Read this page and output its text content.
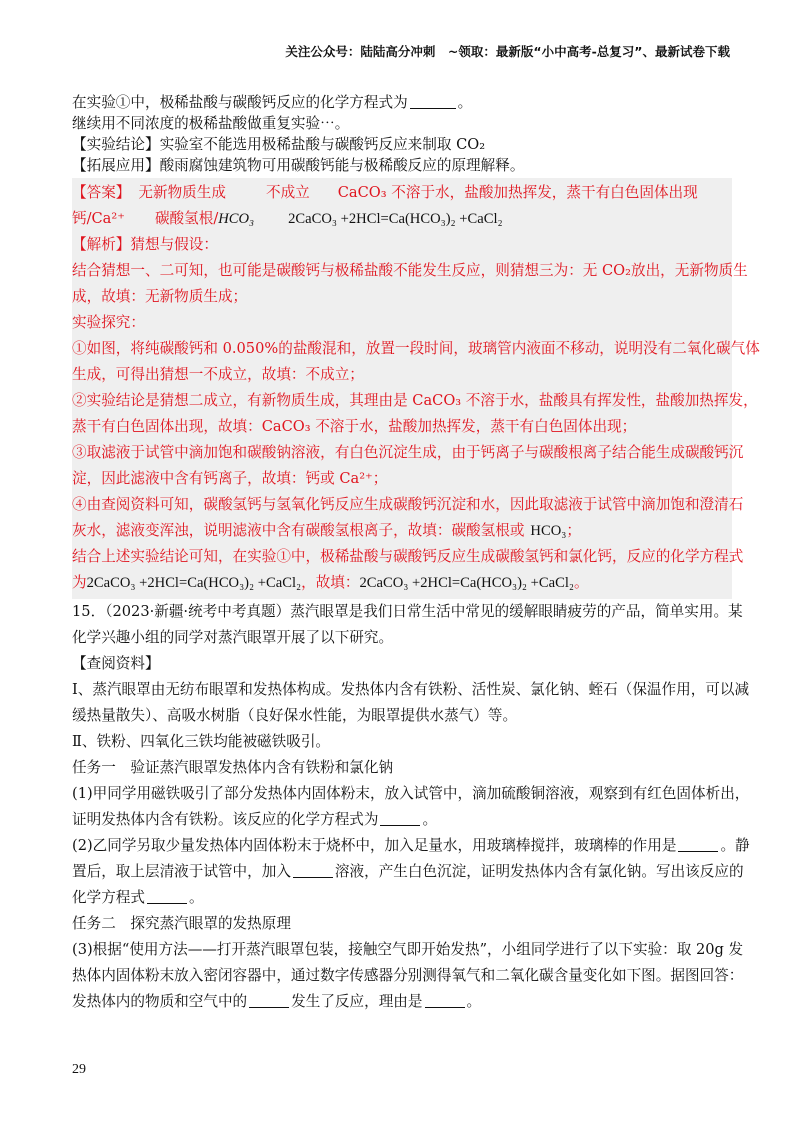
关注公众号：陆陆高分冲刺　~领取：最新版“小中高考-总复习”、最新试卷下载

在实验①中，极稀盐酸与碳酸钙反应的化学方程式为	。

继续用不同浓度的极稀盐酸做重复实验⋯。

【实验结论】实验室不能选用极稀盐酸与碳酸钙反应来制取 CO₂

【拓展应用】酸雨腐蚀建筑物可用碳酸钙能与极稀酸反应的原理解释。

【答案】 无新物质生成	不成立 CaCO₃ 不溶于水，盐酸加热挥发，蒸干有白色固体出现

钙/Ca²⁺ 碳酸氢根/HCO₃ 2CaCO₃ +2HCl=Ca(HCO₃)₂ +CaCl₂

【解析】猜想与假设：

结合猜想一、二可知，也可能是碳酸钙与极稀盐酸不能发生反应，则猜想三为：无 CO₂放出，无新物质生

成，故填：无新物质生成；

实验探究：

①如图，将纯碳酸钙和 0.050%的盐酸混和，放置一段时间，玻璃管内液面不移动，说明没有二氧化碳气体

生成，可得出猜想一不成立，故填：不成立；

②实验结论是猜想二成立，有新物质生成，其理由是 CaCO₃ 不溶于水，盐酸具有挥发性，盐酸加热挥发，

蒸干有白色固体出现，故填：CaCO₃ 不溶于水，盐酸加热挥发，蒸干有白色固体出现；

③取滤液于试管中滴加饱和碳酸钠溶液，有白色沉淀生成，由于钙离子与碳酸根离子结合能生成碳酸钙沉

淀，因此滤液中含有钙离子，故填：钙或 Ca²⁺；

④由查阅资料可知，碳酸氢钙与氢氧化钙反应生成碳酸钙沉淀和水，因此取滤液于试管中滴加饱和澄清石

灰水，滤液变浑浊，说明滤液中含有碳酸氢根离子，故填：碳酸氢根或 HCO₃；

结合上述实验结论可知，在实验①中，极稀盐酸与碳酸钙反应生成碳酸氢钙和氯化钙，反应的化学方程式

为2CaCO₃ +2HCl=Ca(HCO₃)₂ +CaCl₂，故填：2CaCO₃ +2HCl=Ca(HCO₃)₂ +CaCl₂。

15．（2023·新疆·统考中考真题）蒸汽眼罩是我们日常生活中常见的缓解眼睛疲劳的产品，简单实用。某

化学兴趣小组的同学对蒸汽眼罩开展了以下研究。

【查阅资料】

Ⅰ、蒸汽眼罩由无纺布眼罩和发热体构成。发热体内含有铁粉、活性炭、氯化钠、蛭石（保温作用，可以减

缓热量散失）、高吸水树脂（良好保水性能，为眼罩提供水蒸气）等。

Ⅱ、铁粉、四氧化三铁均能被磁铁吸引。

任务一　验证蒸汽眼罩发热体内含有铁粉和氯化钠

(1)甲同学用磁铁吸引了部分发热体内固体粉末，放入试管中，滴加硫酸铜溶液，观察到有红色固体析出，

证明发热体内含有铁粉。该反应的化学方程式为	。

(2)乙同学另取少量发热体内固体粉末于烧杯中，加入足量水，用玻璃棒搅拌，玻璃棒的作用是	。静

置后，取上层清液于试管中，加入	溶液，产生白色沉淀，证明发热体内含有氯化钠。写出该反应的

化学方程式	。

任务二　探究蒸汽眼罩的发热原理

(3)根据“使用方法——打开蒸汽眼罩包装，接触空气即开始发热”，小组同学进行了以下实验：取 20g 发

热体内固体粉末放入密闭容器中，通过数字传感器分别测得氧气和二氧化碳含量变化如下图。据图回答：

发热体内的物质和空气中的	发生了反应，理由是	。

29
